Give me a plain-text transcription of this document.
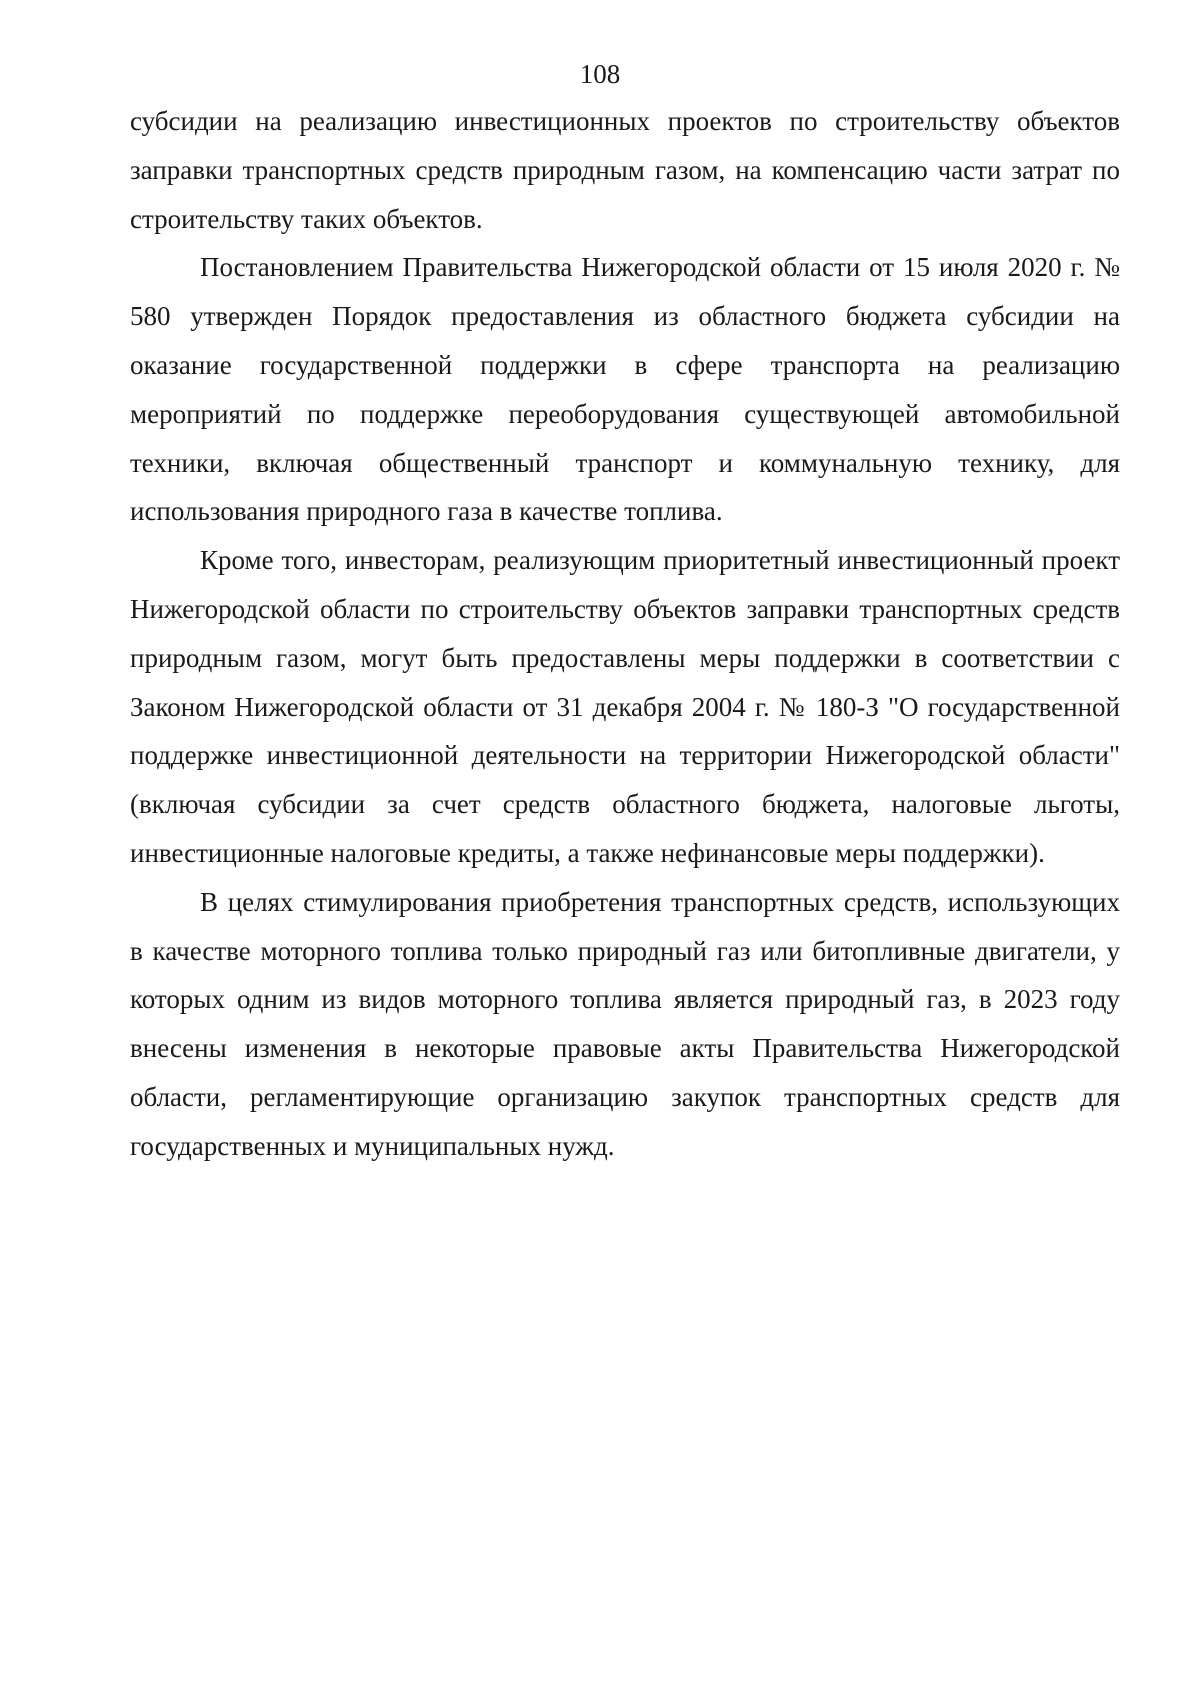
108

субсидии на реализацию инвестиционных проектов по строительству объектов заправки транспортных средств природным газом, на компенсацию части затрат по строительству таких объектов.

Постановлением Правительства Нижегородской области от 15 июля 2020 г. № 580 утвержден Порядок предоставления из областного бюджета субсидии на оказание государственной поддержки в сфере транспорта на реализацию мероприятий по поддержке переоборудования существующей автомобильной техники, включая общественный транспорт и коммунальную технику, для использования природного газа в качестве топлива.

Кроме того, инвесторам, реализующим приоритетный инвестиционный проект Нижегородской области по строительству объектов заправки транспортных средств природным газом, могут быть предоставлены меры поддержки в соответствии с Законом Нижегородской области от 31 декабря 2004 г. № 180-З "О государственной поддержке инвестиционной деятельности на территории Нижегородской области" (включая субсидии за счет средств областного бюджета, налоговые льготы, инвестиционные налоговые кредиты, а также нефинансовые меры поддержки).

В целях стимулирования приобретения транспортных средств, использующих в качестве моторного топлива только природный газ или битопливные двигатели, у которых одним из видов моторного топлива является природный газ, в 2023 году внесены изменения в некоторые правовые акты Правительства Нижегородской области, регламентирующие организацию закупок транспортных средств для государственных и муниципальных нужд.
